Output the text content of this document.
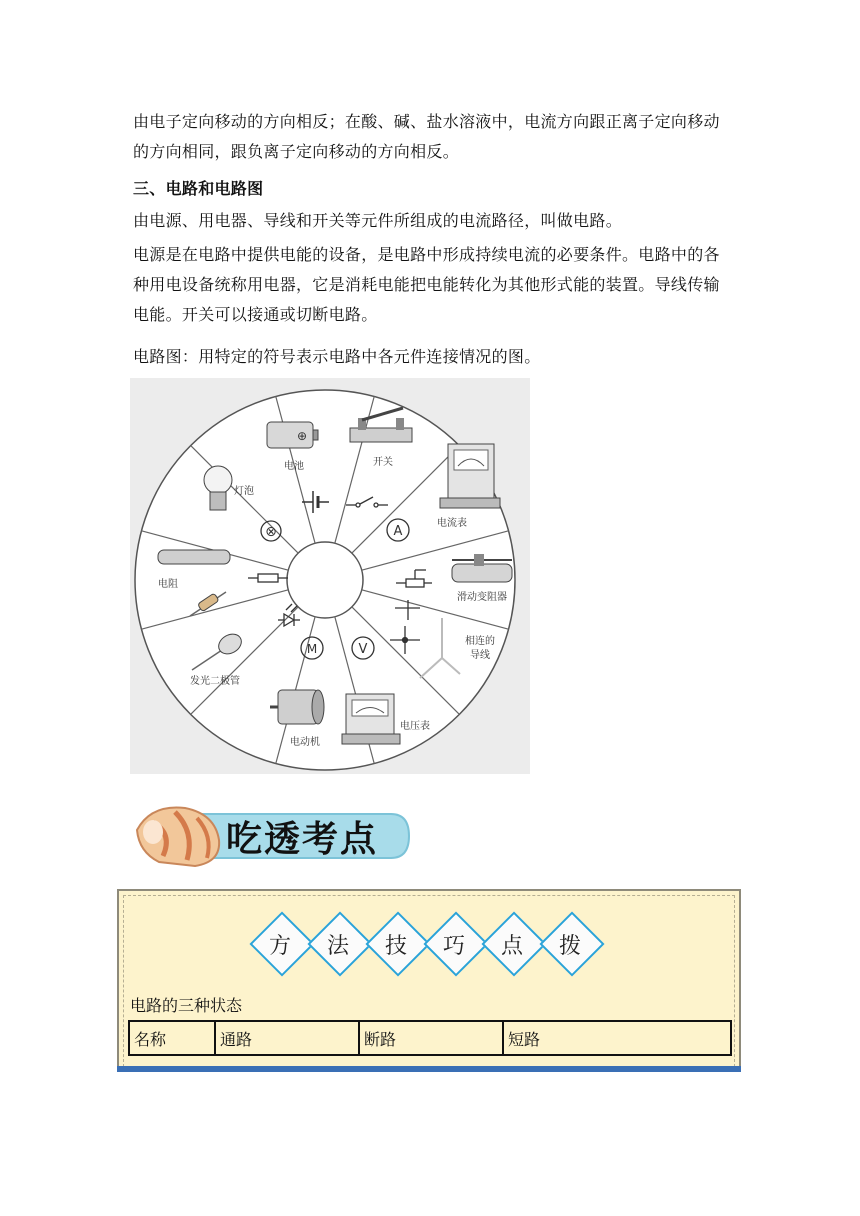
由电子定向移动的方向相反；在酸、碱、盐水溶液中，电流方向跟正离子定向移动的方向相同，跟负离子定向移动的方向相反。
三、电路和电路图
由电源、用电器、导线和开关等元件所组成的电流路径，叫做电路。
电源是在电路中提供电能的设备，是电路中形成持续电流的必要条件。电路中的各种用电设备统称用电器，它是消耗电能把电能转化为其他形式能的装置。导线传输电能。开关可以接通或切断电路。
电路图：用特定的符号表示电路中各元件连接情况的图。
⊕
电池	开关
电流表
A
滑动变阻器
相连的
导线
V
电压表
M
电动机
发光二极管
电阻
⊗
灯泡
吃透考点
方	法	技	巧	点	拨
电路的三种状态
名称	通路	断路	短路
